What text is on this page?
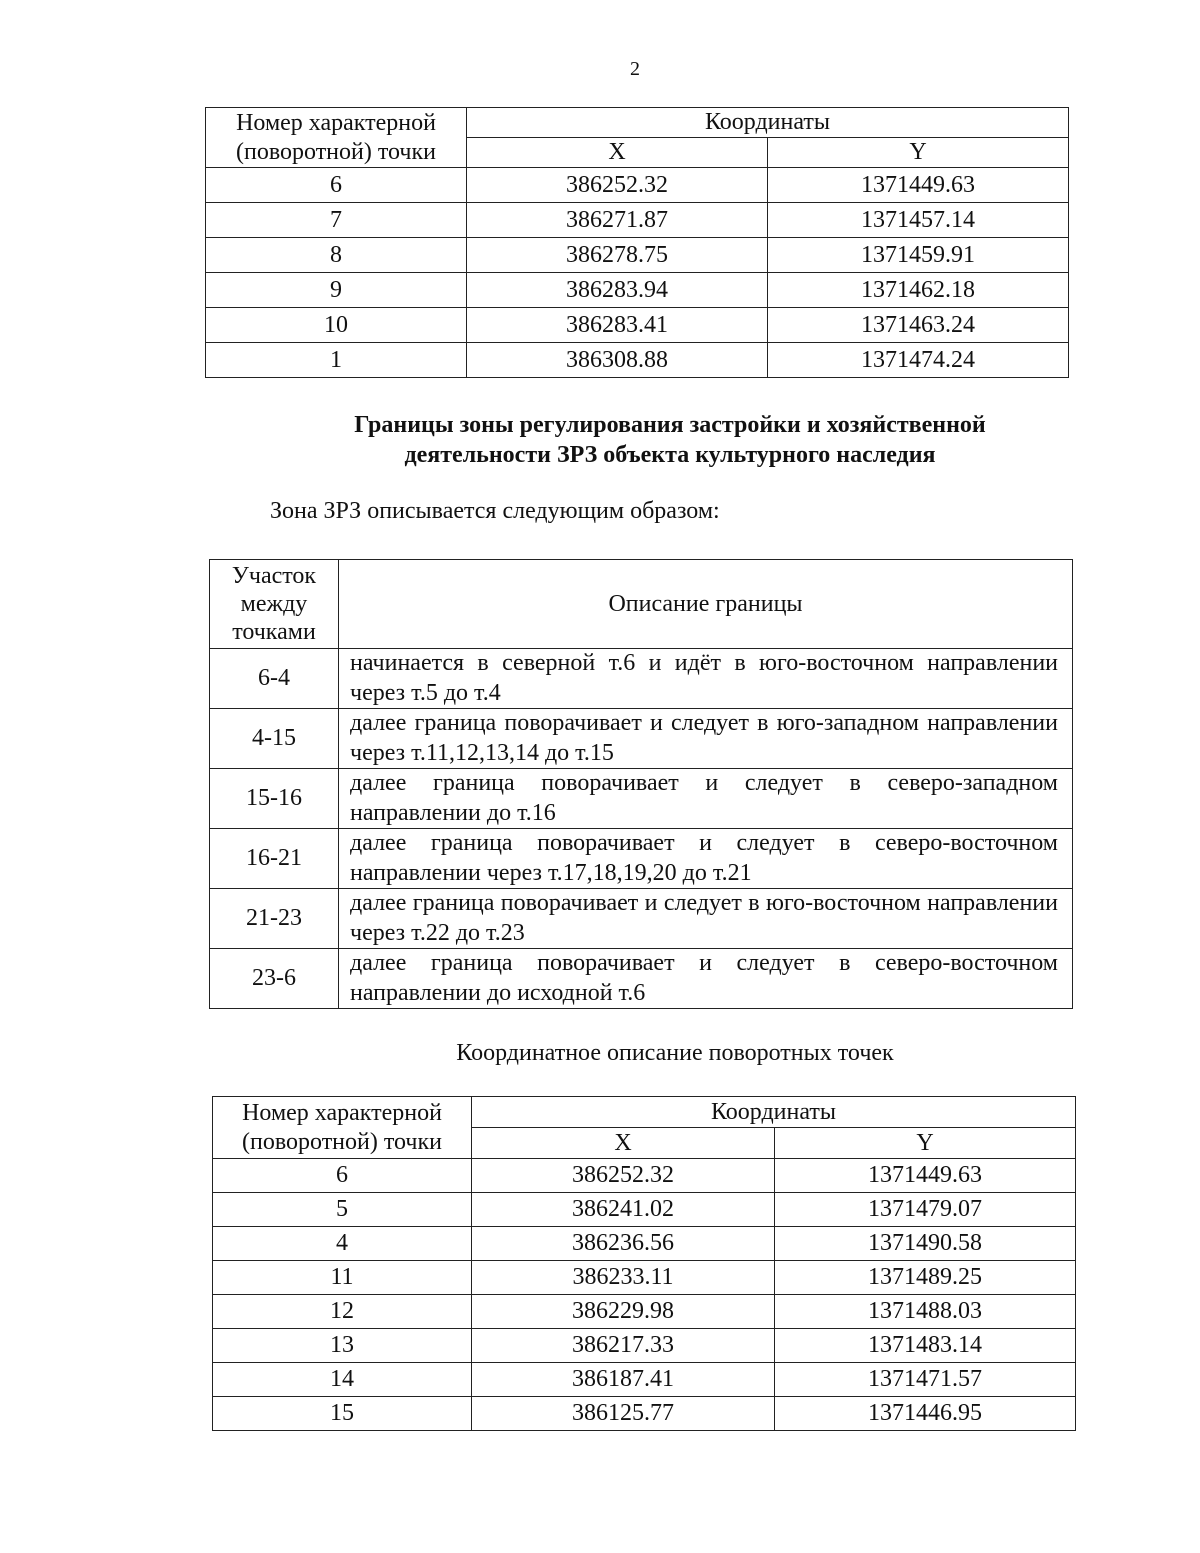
2
Номер характерной (поворотной) точки	Координаты	
	X	Y
6	386252.32	1371449.63
7	386271.87	1371457.14
8	386278.75	1371459.91
9	386283.94	1371462.18
10	386283.41	1371463.24
1	386308.88	1371474.24
Границы зоны регулирования застройки и хозяйственной
деятельности ЗРЗ объекта культурного наследия
Зона ЗРЗ описывается следующим образом:
Участок между точками	Описание границы
6-4	начинается в северной т.6 и идёт в юго-восточном направлении через т.5 до т.4
4-15	далее граница поворачивает и следует в юго-западном направлении через т.11,12,13,14 до т.15
15-16	далее граница поворачивает и следует в северо-западном направлении до т.16
16-21	далее граница поворачивает и следует в северо-восточном направлении через т.17,18,19,20 до т.21
21-23	далее граница поворачивает и следует в юго-восточном направлении через т.22 до т.23
23-6	далее граница поворачивает и следует в северо-восточном направлении до исходной т.6
Координатное описание поворотных точек
Номер характерной (поворотной) точки	Координаты	
	X	Y
6	386252.32	1371449.63
5	386241.02	1371479.07
4	386236.56	1371490.58
11	386233.11	1371489.25
12	386229.98	1371488.03
13	386217.33	1371483.14
14	386187.41	1371471.57
15	386125.77	1371446.95
